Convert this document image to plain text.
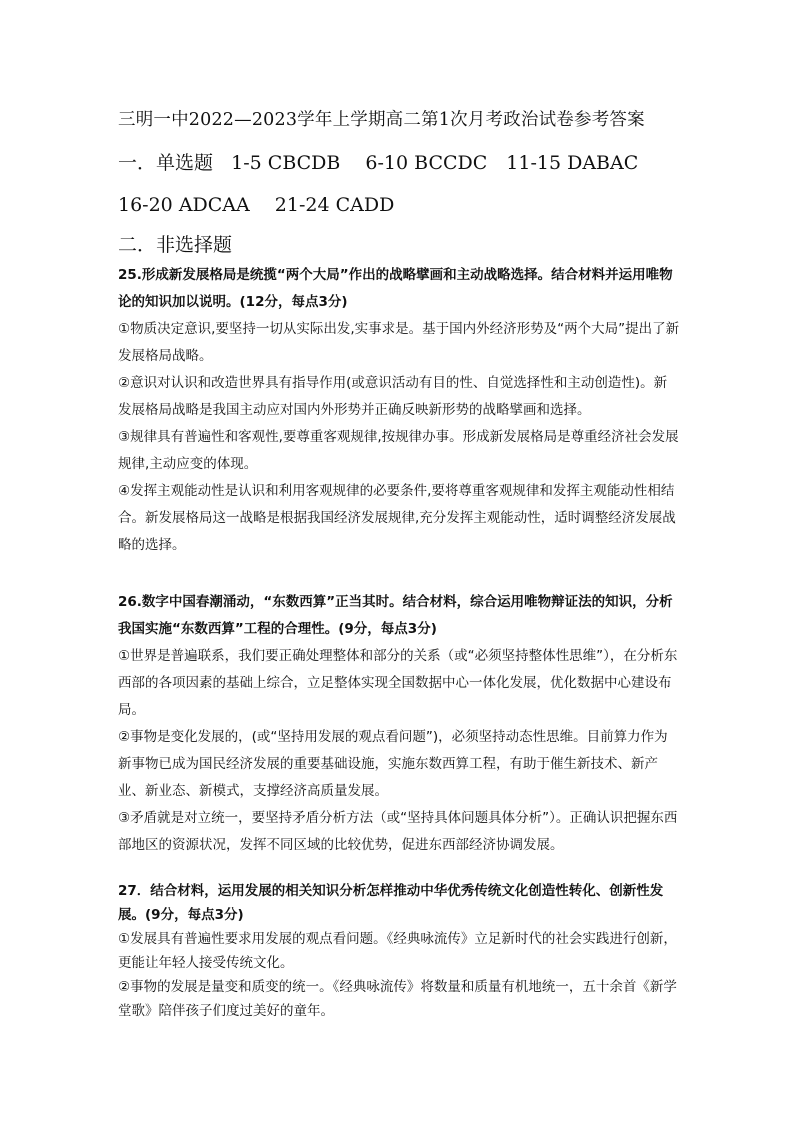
三明一中2022—2023学年上学期高二第1次月考政治试卷参考答案
一．单选题 1-5 CBCDB　 6-10 BCCDC　11-15 DABAC
16-20 ADCAA　 21-24 CADD
二．非选择题

25.形成新发展格局是统揽“两个大局”作出的战略擘画和主动战略选择。结合材料并运用唯物论的知识加以说明。(12分，每点3分)

①物质决定意识,要坚持一切从实际出发,实事求是。基于国内外经济形势及“两个大局”提出了新发展格局战略。

②意识对认识和改造世界具有指导作用(或意识活动有目的性、自觉选择性和主动创造性)。新发展格局战略是我国主动应对国内外形势并正确反映新形势的战略擘画和选择。

③规律具有普遍性和客观性,要尊重客观规律,按规律办事。形成新发展格局是尊重经济社会发展规律,主动应变的体现。

④发挥主观能动性是认识和利用客观规律的必要条件,要将尊重客观规律和发挥主观能动性相结合。新发展格局这一战略是根据我国经济发展规律,充分发挥主观能动性，适时调整经济发展战略的选择。

26.数字中国春潮涌动，“东数西算”正当其时。结合材料，综合运用唯物辩证法的知识，分析我国实施“东数西算”工程的合理性。(9分，每点3分)

①世界是普遍联系，我们要正确处理整体和部分的关系（或“必须坚持整体性思维”），在分析东西部的各项因素的基础上综合，立足整体实现全国数据中心一体化发展，优化数据中心建设布局。

②事物是变化发展的，(或“坚持用发展的观点看问题”)，必须坚持动态性思维。目前算力作为新事物已成为国民经济发展的重要基础设施，实施东数西算工程，有助于催生新技术、新产业、新业态、新模式，支撑经济高质量发展。

③矛盾就是对立统一，要坚持矛盾分析方法（或“坚持具体问题具体分析”）。正确认识把握东西部地区的资源状况，发挥不同区域的比较优势，促进东西部经济协调发展。

27．结合材料，运用发展的相关知识分析怎样推动中华优秀传统文化创造性转化、创新性发展。(9分，每点3分)

①发展具有普遍性要求用发展的观点看问题。《经典咏流传》立足新时代的社会实践进行创新，更能让年轻人接受传统文化。

②事物的发展是量变和质变的统一。《经典咏流传》将数量和质量有机地统一，五十余首《新学堂歌》陪伴孩子们度过美好的童年。
